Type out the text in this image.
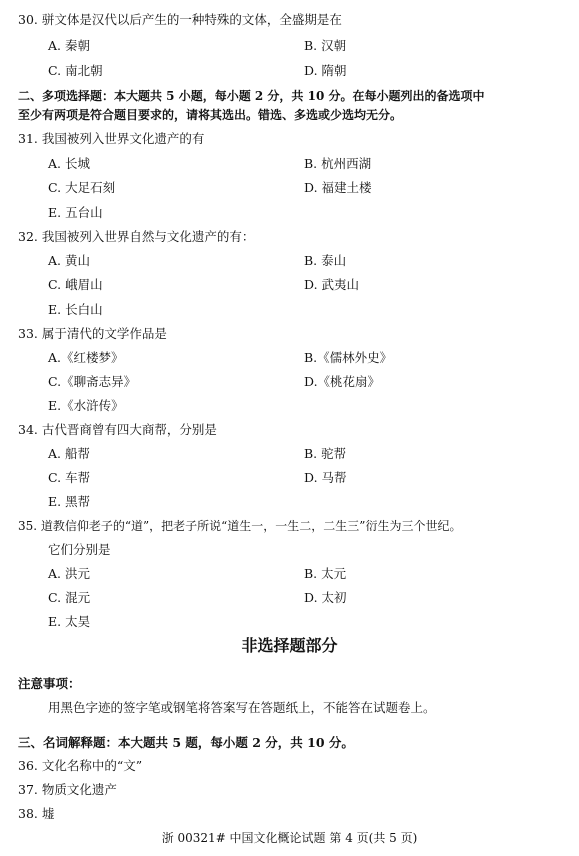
30. 骈文体是汉代以后产生的一种特殊的文体，全盛期是在
A. 秦朝	B. 汉朝
C. 南北朝	D. 隋朝
二、多项选择题：本大题共 5 小题，每小题 2 分，共 10 分。在每小题列出的备选项中
至少有两项是符合题目要求的，请将其选出。错选、多选或少选均无分。
31. 我国被列入世界文化遗产的有
A. 长城	B. 杭州西湖
C. 大足石刻	D. 福建土楼
E. 五台山
32. 我国被列入世界自然与文化遗产的有：
A. 黄山	B. 泰山
C. 峨眉山	D. 武夷山
E. 长白山
33. 属于清代的文学作品是
A.《红楼梦》	B.《儒林外史》
C.《聊斋志异》	D.《桃花扇》
E.《水浒传》
34. 古代晋商曾有四大商帮，分别是
A. 船帮	B. 驼帮
C. 车帮	D. 马帮
E. 黑帮
35. 道教信仰老子的“道”，把老子所说“道生一，一生二，二生三”衍生为三个世纪。
它们分别是
A. 洪元	B. 太元
C. 混元	D. 太初
E. 太昊
非选择题部分
注意事项：
用黑色字迹的签字笔或钢笔将答案写在答题纸上，不能答在试题卷上。
三、名词解释题：本大题共 5 题，每小题 2 分，共 10 分。
36. 文化名称中的“文”
37. 物质文化遗产
38. 墟
浙 00321# 中国文化概论试题 第 4 页(共 5 页)
